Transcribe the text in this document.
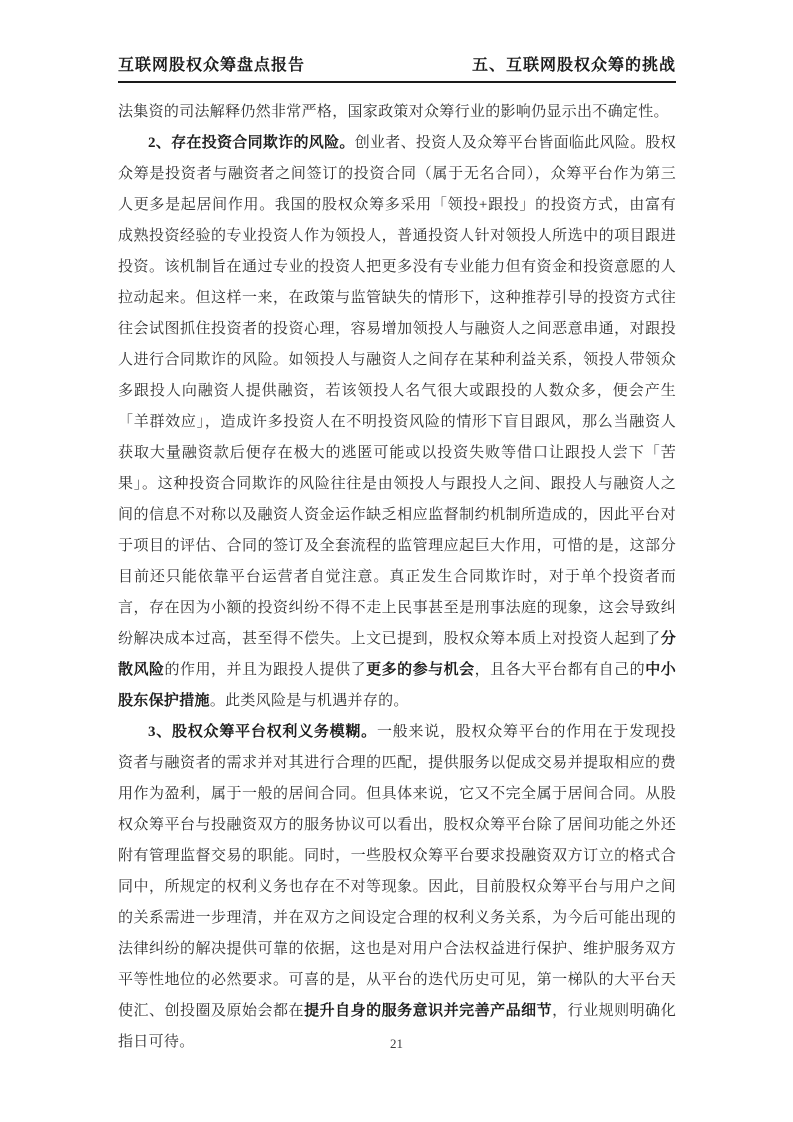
互联网股权众筹盘点报告	五、互联网股权众筹的挑战

法集资的司法解释仍然非常严格，国家政策对众筹行业的影响仍显示出不确定性。

2、存在投资合同欺诈的风险。创业者、投资人及众筹平台皆面临此风险。股权众筹是投资者与融资者之间签订的投资合同（属于无名合同），众筹平台作为第三人更多是起居间作用。我国的股权众筹多采用「领投+跟投」的投资方式，由富有成熟投资经验的专业投资人作为领投人，普通投资人针对领投人所选中的项目跟进投资。该机制旨在通过专业的投资人把更多没有专业能力但有资金和投资意愿的人拉动起来。但这样一来，在政策与监管缺失的情形下，这种推荐引导的投资方式往往会试图抓住投资者的投资心理，容易增加领投人与融资人之间恶意串通，对跟投人进行合同欺诈的风险。如领投人与融资人之间存在某种利益关系，领投人带领众多跟投人向融资人提供融资，若该领投人名气很大或跟投的人数众多，便会产生「羊群效应」，造成许多投资人在不明投资风险的情形下盲目跟风，那么当融资人获取大量融资款后便存在极大的逃匿可能或以投资失败等借口让跟投人尝下「苦果」。这种投资合同欺诈的风险往往是由领投人与跟投人之间、跟投人与融资人之间的信息不对称以及融资人资金运作缺乏相应监督制约机制所造成的，因此平台对于项目的评估、合同的签订及全套流程的监管理应起巨大作用，可惜的是，这部分目前还只能依靠平台运营者自觉注意。真正发生合同欺诈时，对于单个投资者而言，存在因为小额的投资纠纷不得不走上民事甚至是刑事法庭的现象，这会导致纠纷解决成本过高，甚至得不偿失。上文已提到，股权众筹本质上对投资人起到了分散风险的作用，并且为跟投人提供了更多的参与机会，且各大平台都有自己的中小股东保护措施。此类风险是与机遇并存的。

3、股权众筹平台权利义务模糊。一般来说，股权众筹平台的作用在于发现投资者与融资者的需求并对其进行合理的匹配，提供服务以促成交易并提取相应的费用作为盈利，属于一般的居间合同。但具体来说，它又不完全属于居间合同。从股权众筹平台与投融资双方的服务协议可以看出，股权众筹平台除了居间功能之外还附有管理监督交易的职能。同时，一些股权众筹平台要求投融资双方订立的格式合同中，所规定的权利义务也存在不对等现象。因此，目前股权众筹平台与用户之间的关系需进一步理清，并在双方之间设定合理的权利义务关系，为今后可能出现的法律纠纷的解决提供可靠的依据，这也是对用户合法权益进行保护、维护服务双方平等性地位的必然要求。可喜的是，从平台的迭代历史可见，第一梯队的大平台天使汇、创投圈及原始会都在提升自身的服务意识并完善产品细节，行业规则明确化指日可待。	21
